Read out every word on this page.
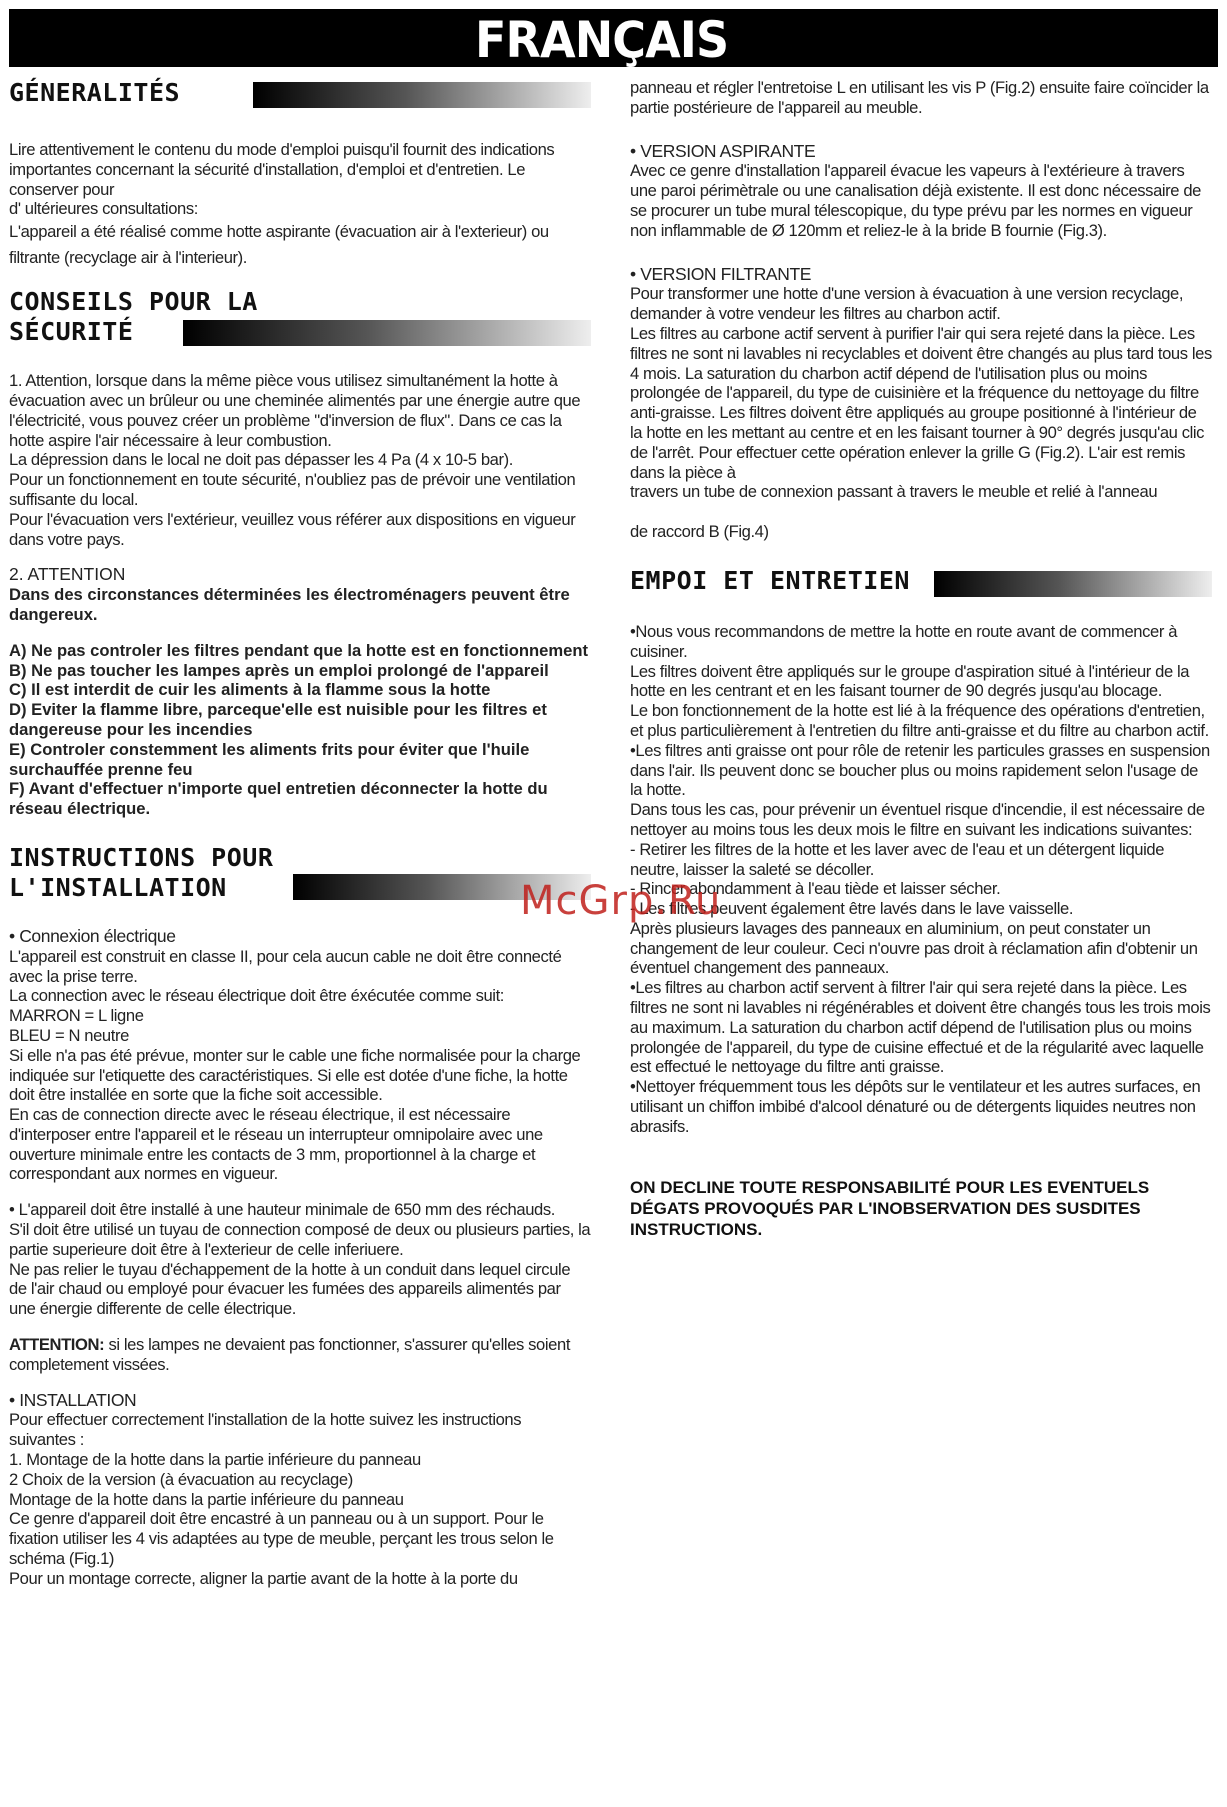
FRANÇAIS
GÉNERALITÉS

Lire attentivement le contenu du mode d'emploi puisqu'il fournit des indications importantes concernant la sécurité d'installation, d'emploi et d'entretien. Le conserver pour

d' ultérieures consultations:

L'appareil a été réalisé comme hotte aspirante (évacuation air à l'exterieur) ou filtrante (recyclage air à l'interieur).

CONSEILS POUR LA
SÉCURITÉ

1. Attention, lorsque dans la même pièce vous utilisez simultanément la hotte à évacuation avec un brûleur ou une cheminée alimentés par une énergie autre que l'électricité, vous pouvez créer un problème "d'inversion de flux". Dans ce cas la hotte aspire l'air nécessaire à leur combustion.

La dépression dans le local ne doit pas dépasser les 4 Pa (4 x 10-5 bar).

Pour un fonctionnement en toute sécurité, n'oubliez pas de prévoir une ventilation suffisante du local.

Pour l'évacuation vers l'extérieur, veuillez vous référer aux dispositions en vigueur dans votre pays.

2. ATTENTION

Dans des circonstances déterminées les électroménagers peuvent être dangereux.

A) Ne pas controler les filtres pendant que la hotte est en fonctionnement

B) Ne pas toucher les lampes après un emploi prolongé de l'appareil

C) Il est interdit de cuir les aliments à la flamme sous la hotte

D) Eviter la flamme libre, parceque'elle est nuisible pour les filtres et dangereuse pour les incendies

E) Controler constemment les aliments frits pour éviter que l'huile surchauffée prenne feu

F) Avant d'effectuer n'importe quel entretien déconnecter la hotte du réseau électrique.

INSTRUCTIONS POUR
L'INSTALLATION

• Connexion électrique

L'appareil est construit en classe II, pour cela aucun cable ne doit être connecté avec la prise terre.

La connection avec le réseau électrique doit être éxécutée comme suit:

MARRON = L ligne

BLEU = N neutre

Si elle n'a pas été prévue, monter sur le cable une fiche normalisée pour la charge indiquée sur l'etiquette des caractéristiques. Si elle est dotée d'une fiche, la hotte doit être installée en sorte que la fiche soit accessible.

En cas de connection directe avec le réseau électrique, il est nécessaire d'interposer entre l'appareil et le réseau un interrupteur omnipolaire avec une ouverture minimale entre les contacts de 3 mm, proportionnel à la charge et correspondant aux normes en vigueur.

• L'appareil doit être installé à une hauteur minimale de 650 mm des réchauds.

S'il doit être utilisé un tuyau de connection composé de deux ou plusieurs parties, la partie superieure doit être à l'exterieur de celle inferiuere.

Ne pas relier le tuyau d'échappement de la hotte à un conduit dans lequel circule de l'air chaud ou employé pour évacuer les fumées des appareils alimentés par une énergie differente de celle électrique.

ATTENTION: si les lampes ne devaient pas fonctionner, s'assurer qu'elles soient completement vissées.

• INSTALLATION

Pour effectuer correctement l'installation de la hotte suivez les instructions suivantes :

1. Montage de la hotte dans la partie inférieure du panneau

2 Choix de la version (à évacuation au recyclage)

Montage de la hotte dans la partie inférieure du panneau

Ce genre d'appareil doit être encastré à un panneau ou à un support. Pour le fixation utiliser les 4 vis adaptées au type de meuble, perçant les trous selon le schéma (Fig.1)

Pour un montage correcte, aligner la partie avant de la hotte à la porte du

panneau et régler l'entretoise L en utilisant les vis P (Fig.2) ensuite faire coïncider la partie postérieure de l'appareil au meuble.

• VERSION ASPIRANTE

Avec ce genre d'installation l'appareil évacue les vapeurs à l'extérieure à travers une paroi périmètrale ou une canalisation déjà existente. Il est donc nécessaire de se procurer un tube mural télescopique, du type prévu par les normes en vigueur non inflammable de Ø 120mm et reliez-le à la bride B fournie (Fig.3).

• VERSION FILTRANTE

Pour transformer une hotte d'une version à évacuation à une version recyclage, demander à votre vendeur les filtres au charbon actif.

Les filtres au carbone actif servent à purifier l'air qui sera rejeté dans la pièce. Les filtres ne sont ni lavables ni recyclables et doivent être changés au plus tard tous les 4 mois. La saturation du charbon actif dépend de l'utilisation plus ou moins prolongée de l'appareil, du type de cuisinière et la fréquence du nettoyage du filtre anti-graisse. Les filtres doivent être appliqués au groupe positionné à l'intérieur de la hotte en les mettant au centre et en les faisant tourner à 90° degrés jusqu'au clic de l'arrêt. Pour effectuer cette opération enlever la grille G (Fig.2). L'air est remis dans la pièce à

travers un tube de connexion passant à travers le meuble et relié à l'anneau

de raccord B (Fig.4)

EMPOI ET ENTRETIEN

•Nous vous recommandons de mettre la hotte en route avant de commencer à cuisiner.

Les filtres doivent être appliqués sur le groupe d'aspiration situé à l'intérieur de la hotte en les centrant et en les faisant tourner de 90 degrés jusqu'au blocage.

Le bon fonctionnement de la hotte est lié à la fréquence des opérations d'entretien, et plus particulièrement à l'entretien du filtre anti-graisse et du filtre au charbon actif.

•Les filtres anti graisse ont pour rôle de retenir les particules grasses en suspension dans l'air. Ils peuvent donc se boucher plus ou moins rapidement selon l'usage de la hotte.

Dans tous les cas, pour prévenir un éventuel risque d'incendie, il est nécessaire de nettoyer au moins tous les deux mois le filtre en suivant les indications suivantes:

- Retirer les filtres de la hotte et les laver avec de l'eau et un détergent liquide neutre, laisser la saleté se décoller.

- Rincer abondamment à l'eau tiède et laisser sécher.

- Les filtres peuvent également être lavés dans le lave vaisselle.

Après plusieurs lavages des panneaux en aluminium, on peut constater un changement de leur couleur. Ceci n'ouvre pas droit à réclamation afin d'obtenir un éventuel changement des panneaux.

•Les filtres au charbon actif servent à filtrer l'air qui sera rejeté dans la pièce. Les filtres ne sont ni lavables ni régénérables et doivent être changés tous les trois mois au maximum. La saturation du charbon actif dépend de l'utilisation plus ou moins prolongée de l'appareil, du type de cuisine effectué et de la régularité avec laquelle est effectué le nettoyage du filtre anti graisse.

•Nettoyer fréquemment tous les dépôts sur le ventilateur et les autres surfaces, en utilisant un chiffon imbibé d'alcool dénaturé ou de détergents liquides neutres non abrasifs.

ON DECLINE TOUTE RESPONSABILITÉ POUR LES EVENTUELS DÉGATS PROVOQUÉS PAR L'INOBSERVATION DES SUSDITES INSTRUCTIONS.

McGrp.Ru
